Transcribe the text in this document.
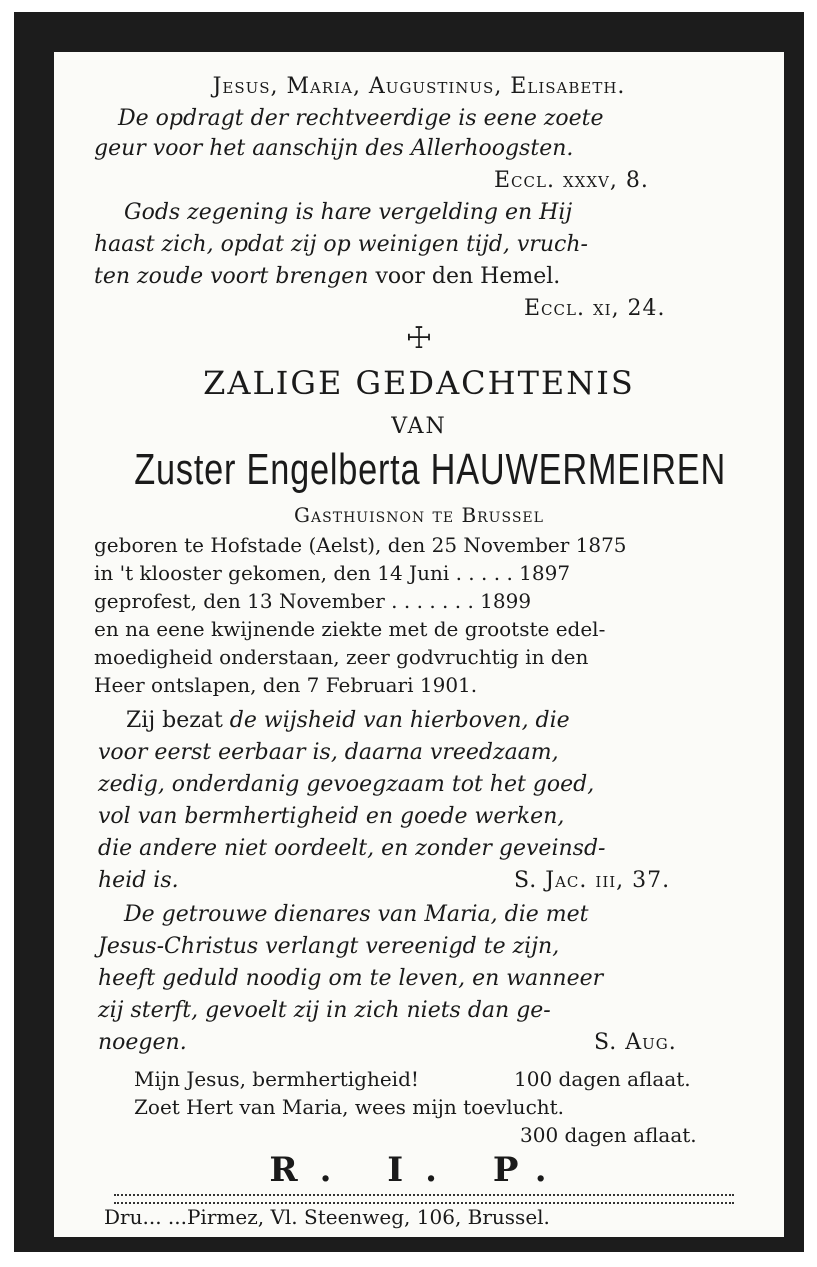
Jesus, Maria, Augustinus, Elisabeth.
De opdragt der rechtveerdige is eene zoete
geur voor het aanschijn des Allerhoogsten.
Eccl. xxxv, 8.
Gods zegening is hare vergelding en Hij
haast zich, opdat zij op weinigen tijd, vruch-
ten zoude voort brengen voor den Hemel.
Eccl. xi, 24.
☩
ZALIGE GEDACHTENIS
VAN
Zuster Engelberta HAUWERMEIREN
Gasthuisnon te Brussel
geboren te Hofstade (Aelst), den 25 November 1875
in 't klooster gekomen, den 14 Juni . . . . . 1897
geprofest, den 13 November . . . . . . . 1899
en na eene kwijnende ziekte met de grootste edel-
moedigheid onderstaan, zeer godvruchtig in den
Heer ontslapen, den 7 Februari 1901.
Zij bezat de wijsheid van hierboven, die
voor eerst eerbaar is, daarna vreedzaam,
zedig, onderdanig gevoegzaam tot het goed,
vol van bermhertigheid en goede werken,
die andere niet oordeelt, en zonder geveinsd-
heid is.	S. Jac. iii, 37.
De getrouwe dienares van Maria, die met
Jesus-Christus verlangt vereenigd te zijn,
heeft geduld noodig om te leven, en wanneer
zij sterft, gevoelt zij in zich niets dan ge-
noegen.	S. Aug.
Mijn Jesus, bermhertigheid!	100 dagen aflaat.
Zoet Hert van Maria, wees mijn toevlucht.
300 dagen aflaat.
R. I. P.
Dru... ...Pirmez, Vl. Steenweg, 106, Brussel.
